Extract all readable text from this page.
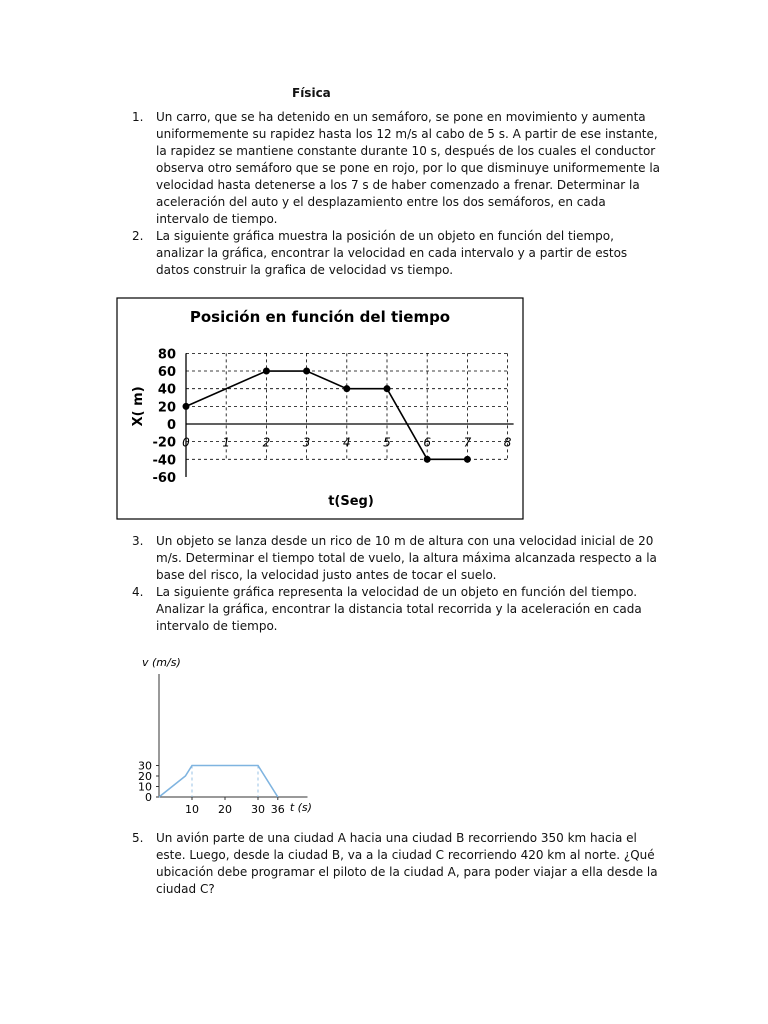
Física
1.	Un carro, que se ha detenido en un semáforo, se pone en movimiento y aumenta uniformemente su rapidez hasta los 12 m/s al cabo de 5 s. A partir de ese instante, la rapidez se mantiene constante durante 10 s, después de los cuales el conductor observa otro semáforo que se pone en rojo, por lo que disminuye uniformemente la velocidad hasta detenerse a los 7 s de haber comenzado a frenar. Determinar la aceleración del auto y el desplazamiento entre los dos semáforos, en cada intervalo de tiempo.
2.	La siguiente gráfica muestra la posición de un objeto en función del tiempo, analizar la gráfica, encontrar la velocidad en cada intervalo y a partir de estos datos construir la grafica de velocidad vs tiempo.
Posición en función del tiempo
80
60
40
20
0
-20
-40
-60
0	1	2	3	4	5	6	7	8
X( m)
t(Seg)
3.	Un objeto se lanza desde un rico de 10 m de altura con una velocidad inicial de 20 m/s. Determinar el tiempo total de vuelo, la altura máxima alcanzada respecto a la base del risco, la velocidad justo antes de tocar el suelo.
4.	La siguiente gráfica representa la velocidad de un objeto en función del tiempo. Analizar la gráfica, encontrar la distancia total recorrida y la aceleración en cada intervalo de tiempo.
v (m/s)
30
20
10
0
10 20 30 36 t (s)
5.	Un avión parte de una ciudad A hacia una ciudad B recorriendo 350 km hacia el este. Luego, desde la ciudad B, va a la ciudad C recorriendo 420 km al norte. ¿Qué ubicación debe programar el piloto de la ciudad A, para poder viajar a ella desde la ciudad C?
